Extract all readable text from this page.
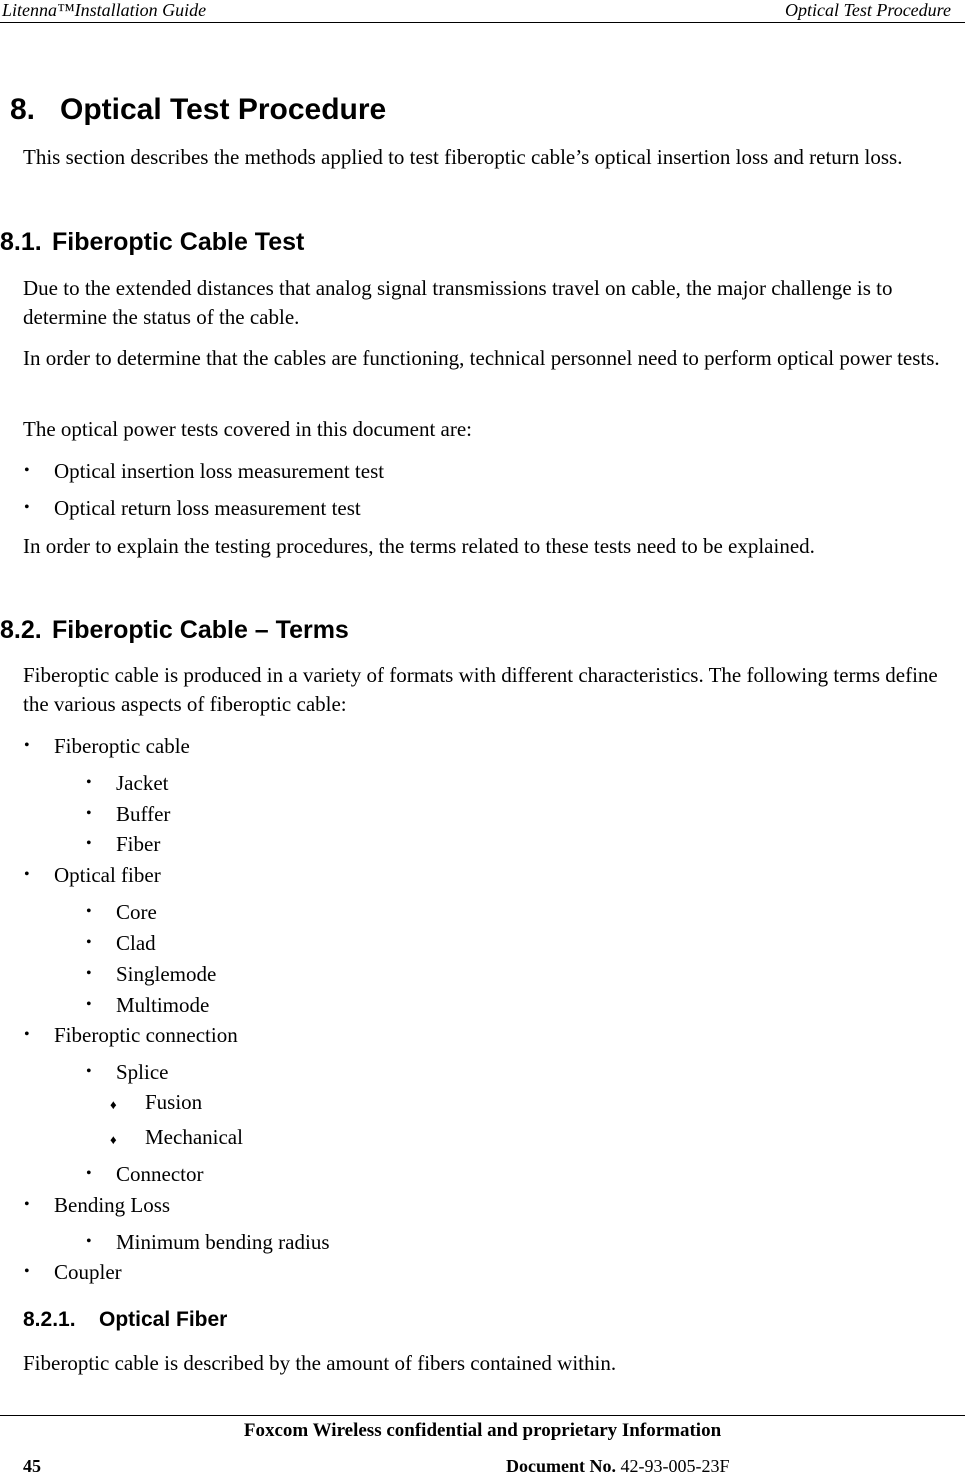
Litenna™Installation Guide	Optical Test Procedure
8. Optical Test Procedure
This section describes the methods applied to test fiberoptic cable’s optical insertion loss and return loss.
8.1. Fiberoptic Cable Test
Due to the extended distances that analog signal transmissions travel on cable, the major challenge is to determine the status of the cable.
In order to determine that the cables are functioning, technical personnel need to perform optical power tests.
The optical power tests covered in this document are:
• Optical insertion loss measurement test
• Optical return loss measurement test
In order to explain the testing procedures, the terms related to these tests need to be explained.
8.2. Fiberoptic Cable – Terms
Fiberoptic cable is produced in a variety of formats with different characteristics. The following terms define the various aspects of fiberoptic cable:
• Fiberoptic cable
• Jacket
• Buffer
• Fiber
• Optical fiber
• Core
• Clad
• Singlemode
• Multimode
• Fiberoptic connection
• Splice
♦ Fusion
♦ Mechanical
• Connector
• Bending Loss
• Minimum bending radius
• Coupler
8.2.1. Optical Fiber
Fiberoptic cable is described by the amount of fibers contained within.
Foxcom Wireless confidential and proprietary Information
45	Document No. 42-93-005-23F
